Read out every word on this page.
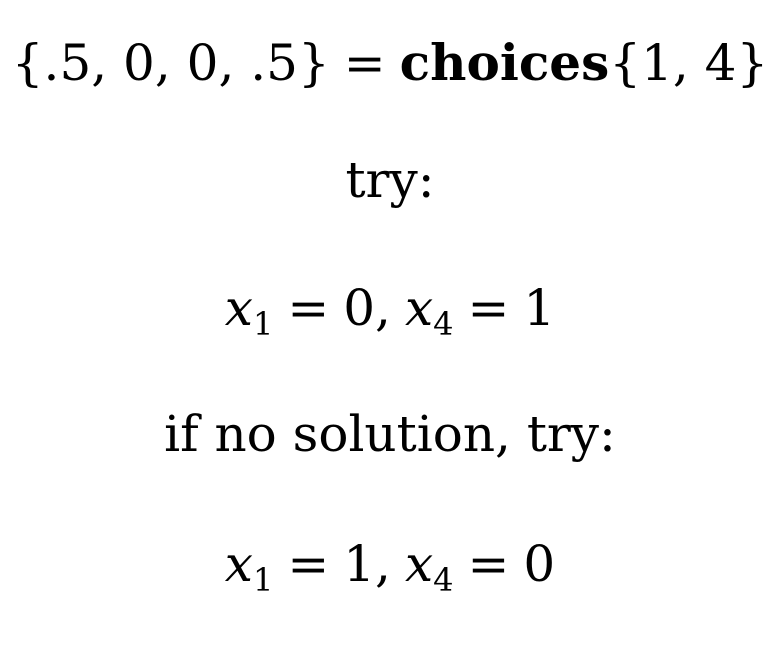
{.5, 0, 0, .5} = choices{1, 4}
try:
$x_1 = 0$, $x_4 = 1$
if no solution, try:
$x_1 = 1$, $x_4 = 0$
